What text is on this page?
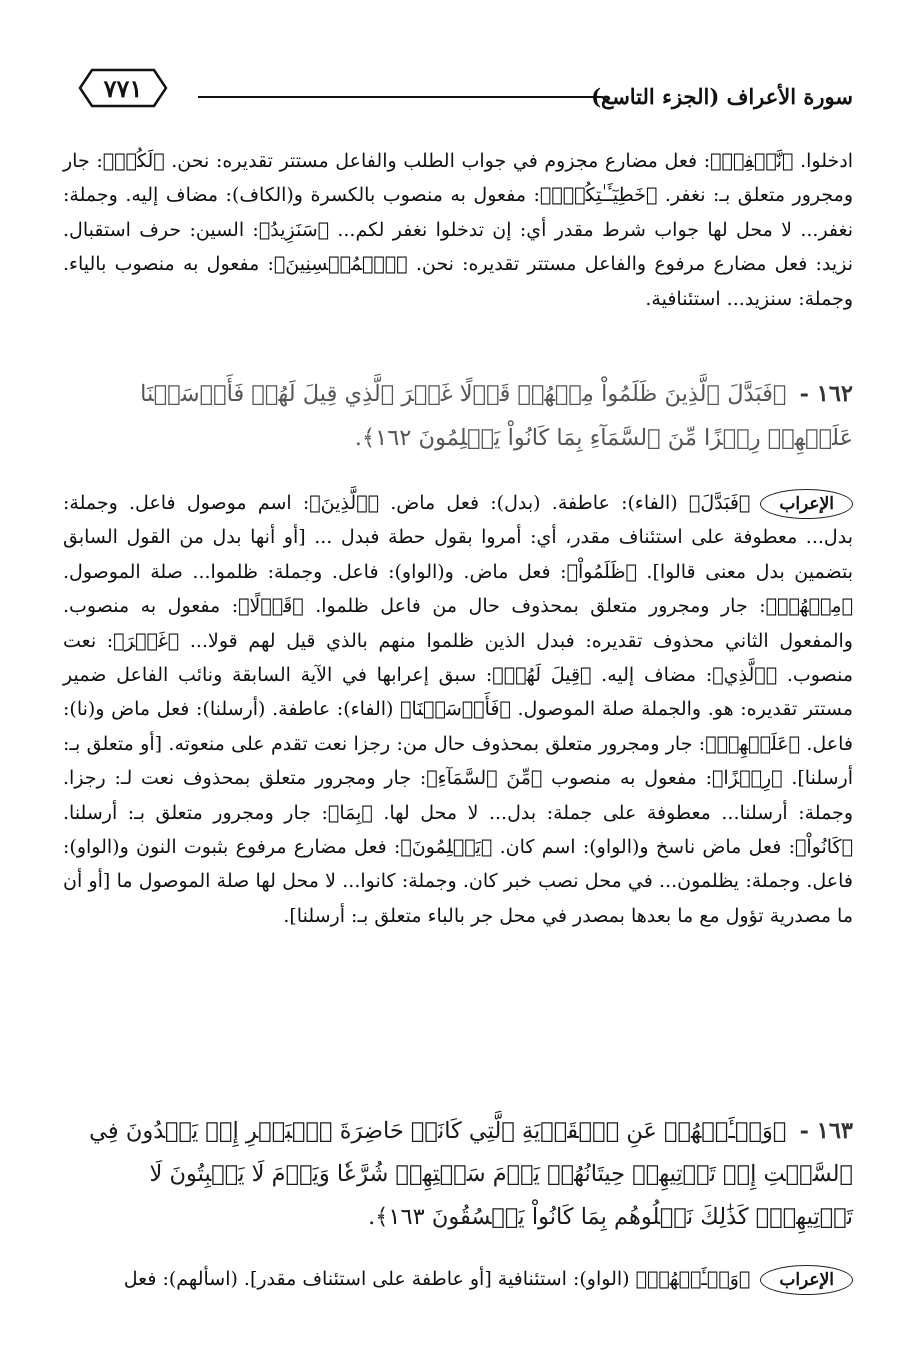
٧٧١	سورة الأعراف (الجزء التاسع)
ادخلوا. ﴿نَّغۡفِرۡ﴾: فعل مضارع مجزوم في جواب الطلب والفاعل مستتر تقديره: نحن. ﴿لَكُمۡ﴾: جار ومجرور متعلق بـ: نغفر. ﴿خَطِيٓـَٔـٰتِكُمۡۚ﴾: مفعول به منصوب بالكسرة و(الكاف): مضاف إليه. وجملة: نغفر... لا محل لها جواب شرط مقدر أي: إن تدخلوا نغفر لكم... ﴿سَنَزِيدُ﴾: السين: حرف استقبال. نزيد: فعل مضارع مرفوع والفاعل مستتر تقديره: نحن. ﴿ٱلۡمُحۡسِنِينَ﴾: مفعول به منصوب بالياء. وجملة: سنزيد... استئنافية.
١٦٢ - ﴿فَبَدَّلَ ٱلَّذِينَ ظَلَمُواْ مِنۡهُمۡ قَوۡلًا غَيۡرَ ٱلَّذِي قِيلَ لَهُمۡ فَأَرۡسَلۡنَا عَلَيۡهِمۡ رِجۡزًا مِّنَ ٱلسَّمَآءِ بِمَا كَانُواْ يَظۡلِمُونَ ١٦٢﴾.
الإعراب
﴿فَبَدَّلَ﴾ (الفاء): عاطفة. (بدل): فعل ماض. ﴿ٱلَّذِينَ﴾: اسم موصول فاعل. وجملة: بدل... معطوفة على استئناف مقدر، أي: أمروا بقول حطة فبدل ... [أو أنها بدل من القول السابق بتضمين بدل معنى قالوا]. ﴿ظَلَمُواْ﴾: فعل ماض. و(الواو): فاعل. وجملة: ظلموا... صلة الموصول. ﴿مِنۡهُمۡ﴾: جار ومجرور متعلق بمحذوف حال من فاعل ظلموا. ﴿قَوۡلًا﴾: مفعول به منصوب. والمفعول الثاني محذوف تقديره: فبدل الذين ظلموا منهم بالذي قيل لهم قولا... ﴿غَيۡرَ﴾: نعت منصوب. ﴿ٱلَّذِي﴾: مضاف إليه. ﴿قِيلَ لَهُمۡ﴾: سبق إعرابها في الآية السابقة ونائب الفاعل ضمير مستتر تقديره: هو. والجملة صلة الموصول. ﴿فَأَرۡسَلۡنَا﴾ (الفاء): عاطفة. (أرسلنا): فعل ماض و(نا): فاعل. ﴿عَلَيۡهِمۡ﴾: جار ومجرور متعلق بمحذوف حال من: رجزا نعت تقدم على منعوته. [أو متعلق بـ: أرسلنا]. ﴿رِجۡزًا﴾: مفعول به منصوب ﴿مِّنَ ٱلسَّمَآءِ﴾: جار ومجرور متعلق بمحذوف نعت لـ: رجزا. وجملة: أرسلنا... معطوفة على جملة: بدل... لا محل لها. ﴿بِمَا﴾: جار ومجرور متعلق بـ: أرسلنا. ﴿كَانُواْ﴾: فعل ماض ناسخ و(الواو): اسم كان. ﴿يَظۡلِمُونَ﴾: فعل مضارع مرفوع بثبوت النون و(الواو): فاعل. وجملة: يظلمون... في محل نصب خبر كان. وجملة: كانوا... لا محل لها صلة الموصول ما [أو أن ما مصدرية تؤول مع ما بعدها بمصدر في محل جر بالباء متعلق بـ: أرسلنا].
١٦٣ - ﴿وَسۡـَٔلۡهُمۡ عَنِ ٱلۡقَرۡيَةِ ٱلَّتِي كَانَتۡ حَاضِرَةَ ٱلۡبَحۡرِ إِذۡ يَعۡدُونَ فِي ٱلسَّبۡتِ إِذۡ تَأۡتِيهِمۡ حِيتَانُهُمۡ يَوۡمَ سَبۡتِهِمۡ شُرَّعٗا وَيَوۡمَ لَا يَسۡبِتُونَ لَا تَأۡتِيهِمۡۚ كَذَٰلِكَ نَبۡلُوهُم بِمَا كَانُواْ يَفۡسُقُونَ ١٦٣﴾.
الإعراب
﴿وَسۡـَٔلۡهُمۡ﴾ (الواو): استئنافية [أو عاطفة على استئناف مقدر]. (اسألهم): فعل
